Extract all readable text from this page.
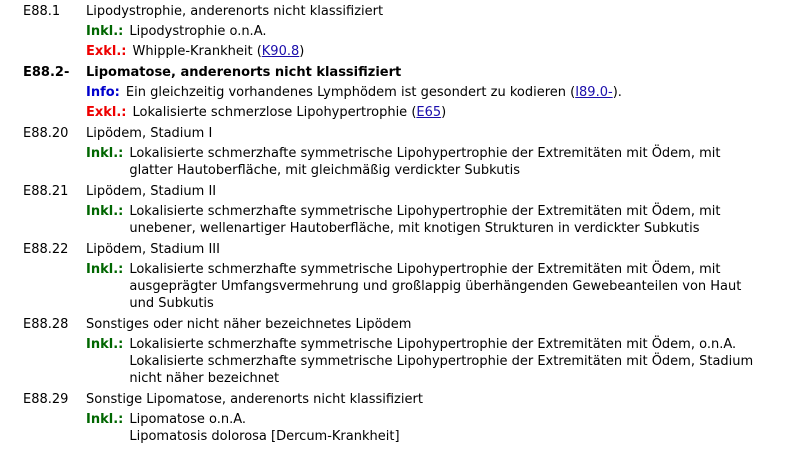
E88.1	Lipodystrophie, anderenorts nicht klassifiziert
Inkl.: Lipodystrophie o.n.A.
Exkl.: Whipple-Krankheit (K90.8)
E88.2-	Lipomatose, anderenorts nicht klassifiziert
Info: Ein gleichzeitig vorhandenes Lymphödem ist gesondert zu kodieren (I89.0-).
Exkl.: Lokalisierte schmerzlose Lipohypertrophie (E65)
E88.20	Lipödem, Stadium I
Inkl.: Lokalisierte schmerzhafte symmetrische Lipohypertrophie der Extremitäten mit Ödem, mit
glatter Hautoberfläche, mit gleichmäßig verdickter Subkutis
E88.21	Lipödem, Stadium II
Inkl.: Lokalisierte schmerzhafte symmetrische Lipohypertrophie der Extremitäten mit Ödem, mit
unebener, wellenartiger Hautoberfläche, mit knotigen Strukturen in verdickter Subkutis
E88.22	Lipödem, Stadium III
Inkl.: Lokalisierte schmerzhafte symmetrische Lipohypertrophie der Extremitäten mit Ödem, mit
ausgeprägter Umfangsvermehrung und großlappig überhängenden Gewebeanteilen von Haut
und Subkutis
E88.28	Sonstiges oder nicht näher bezeichnetes Lipödem
Inkl.: Lokalisierte schmerzhafte symmetrische Lipohypertrophie der Extremitäten mit Ödem, o.n.A.
Lokalisierte schmerzhafte symmetrische Lipohypertrophie der Extremitäten mit Ödem, Stadium
nicht näher bezeichnet
E88.29	Sonstige Lipomatose, anderenorts nicht klassifiziert
Inkl.: Lipomatose o.n.A.
Lipomatosis dolorosa [Dercum-Krankheit]
